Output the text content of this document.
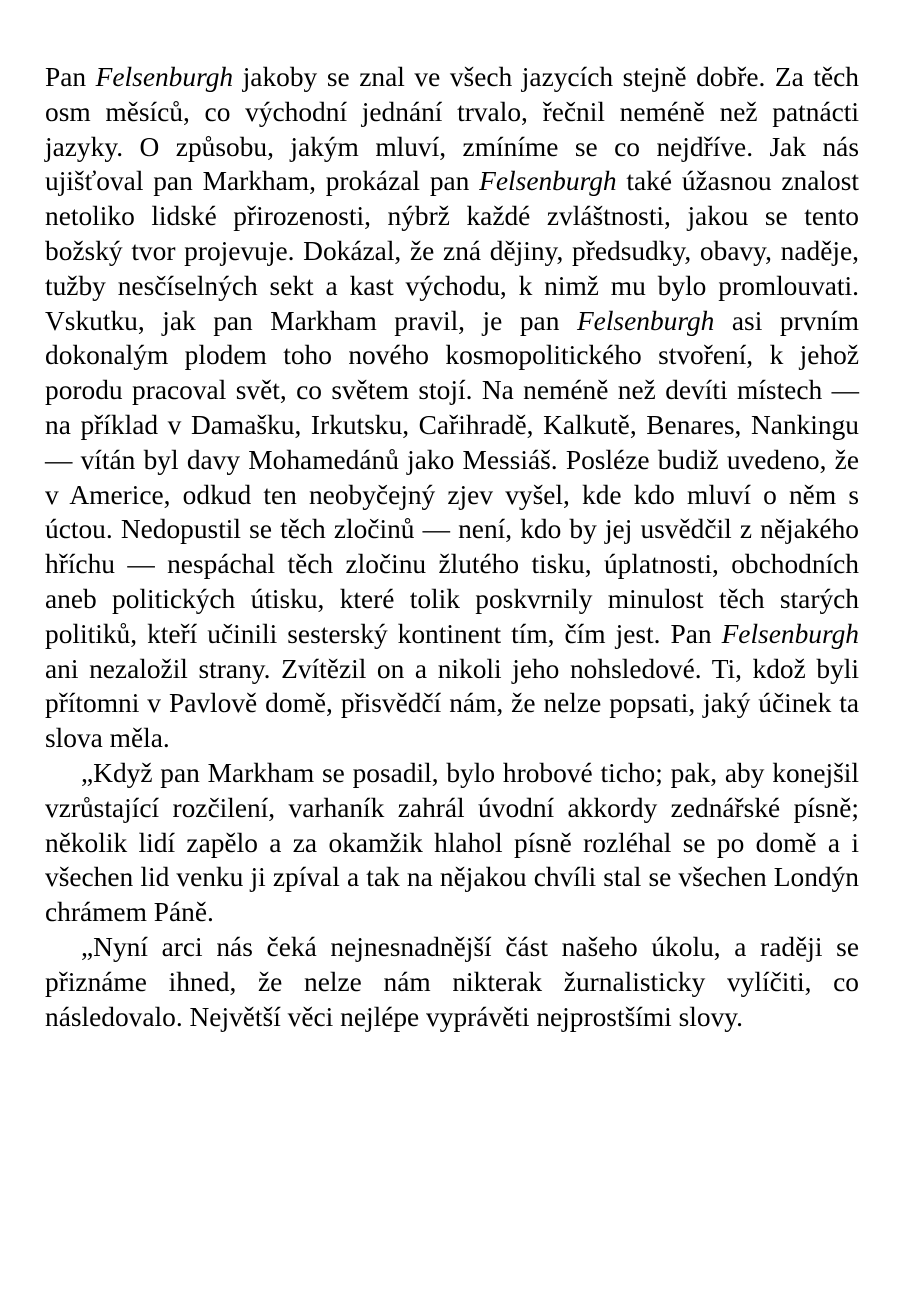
Pan Felsenburgh jakoby se znal ve všech jazycích stejně dobře. Za těch osm měsíců, co východní jednání trvalo, řečnil neméně než patnácti jazyky. O způsobu, jakým mluví, zmíníme se co nejdříve. Jak nás ujišťoval pan Markham, prokázal pan Felsenburgh také úžasnou znalost netoliko lidské přirozenosti, nýbrž každé zvláštnosti, jakou se tento božský tvor projevuje. Dokázal, že zná dějiny, předsudky, obavy, naděje, tužby nesčíselných sekt a kast východu, k nimž mu bylo promlouvati. Vskutku, jak pan Markham pravil, je pan Felsenburgh asi prvním dokonalým plodem toho nového kosmopolitického stvoření, k jehož porodu pracoval svět, co světem stojí. Na neméně než devíti místech — na příklad v Damašku, Irkutsku, Cařihradě, Kalkutě, Benares, Nankingu — vítán byl davy Mohamedánů jako Messiáš. Posléze budiž uvedeno, že v Americe, odkud ten neobyčejný zjev vyšel, kde kdo mluví o něm s úctou. Nedopustil se těch zločinů — není, kdo by jej usvědčil z nějakého hříchu — nespáchal těch zločinu žlutého tisku, úplatnosti, obchodních aneb politických útisku, které tolik poskvrnily minulost těch starých politiků, kteří učinili sesterský kontinent tím, čím jest. Pan Felsenburgh ani nezaložil strany. Zvítězil on a nikoli jeho nohsledové. Ti, kdož byli přítomni v Pavlově domě, přisvědčí nám, že nelze popsati, jaký účinek ta slova měla.

„Když pan Markham se posadil, bylo hrobové ticho; pak, aby konejšil vzrůstající rozčilení, varhaník zahrál úvodní akkordy zednářské písně; několik lidí zapělo a za okamžik hlahol písně rozléhal se po domě a i všechen lid venku ji zpíval a tak na nějakou chvíli stal se všechen Londýn chrámem Páně.

„Nyní arci nás čeká nejnesnadnější část našeho úkolu, a raději se přiznáme ihned, že nelze nám nikterak žurnalisticky vylíčiti, co následovalo. Největší věci nejlépe vyprávěti nejprostšími slovy.
